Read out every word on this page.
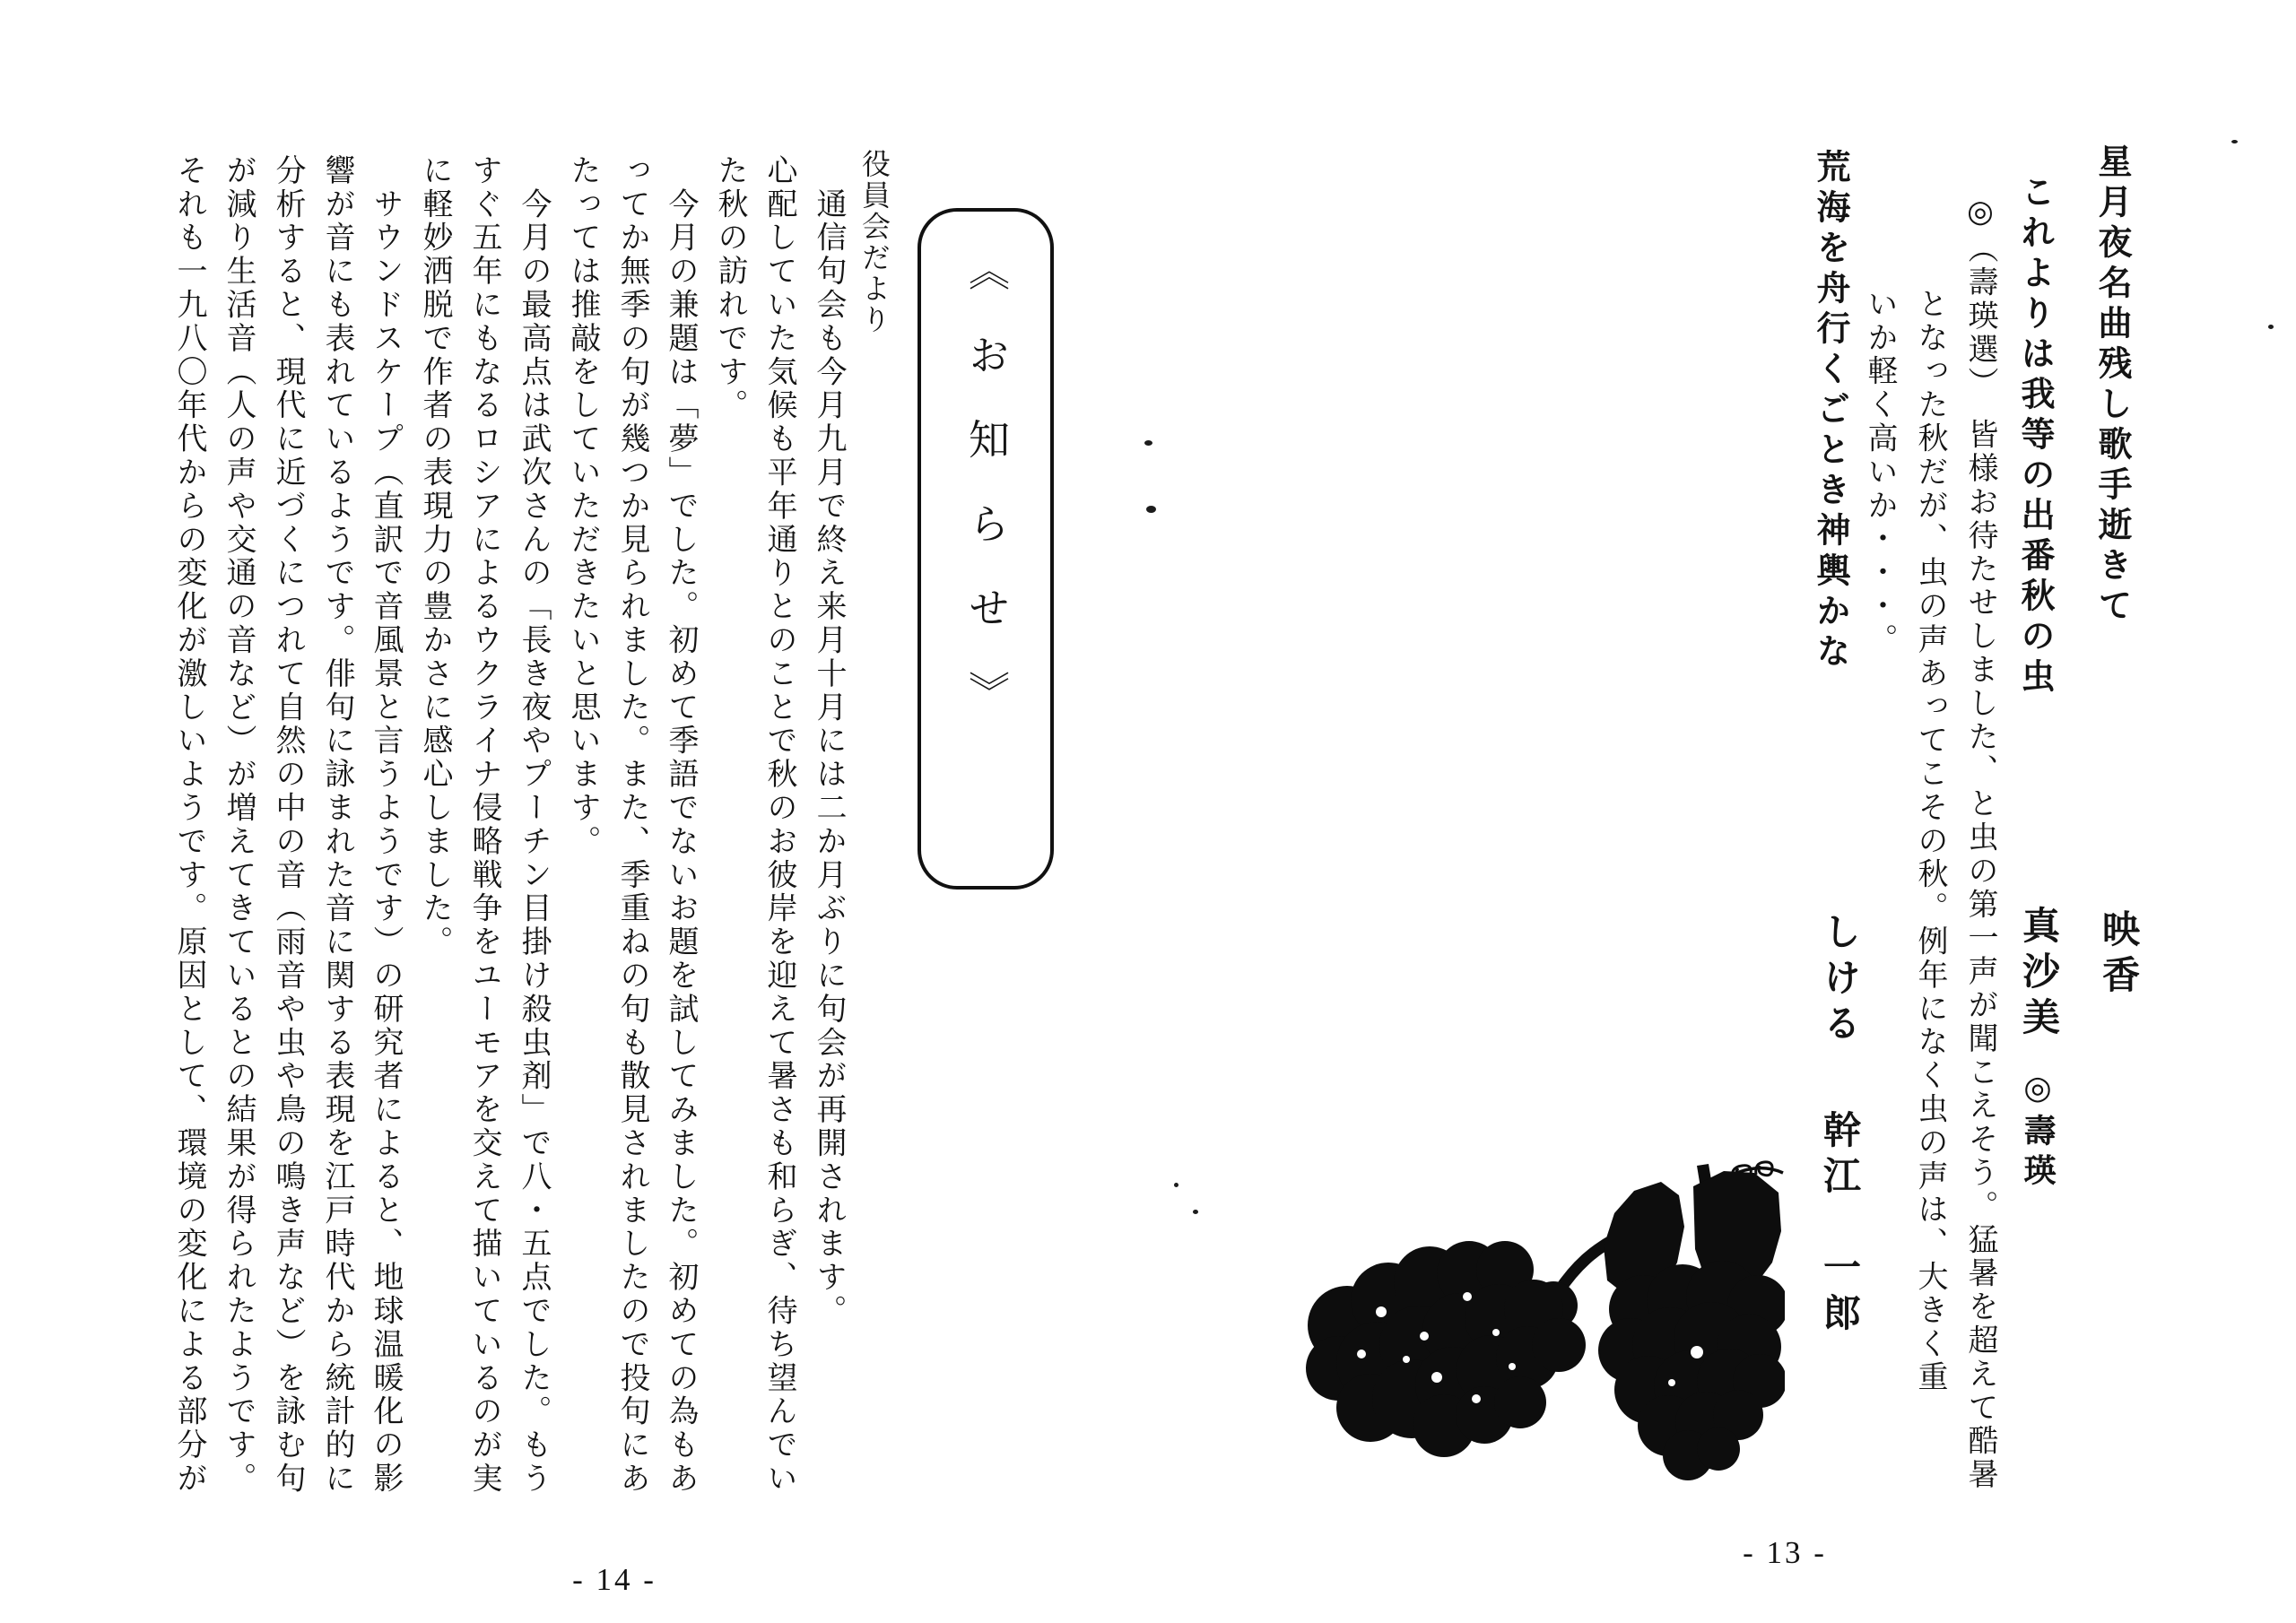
星月夜名曲残し歌手逝きて
映香
これよりは我等の出番秋の虫
真沙美
◎壽瑛
◎（壽瑛選）　皆様お待たせしました、と虫の第一声が聞こえそう。猛暑を超えて酷暑
となった秋だが、虫の声あってこその秋。例年になく虫の声は、大きく重
いか軽く高いか・・・。
荒海を舟行くごとき神輿かな
しける
幹江　一郎
- 13 -
《お知らせ》
役員会だより
　通信句会も今月九月で終え来月十月には二か月ぶりに句会が再開されます。
心配していた気候も平年通りとのことで秋のお彼岸を迎えて暑さも和らぎ、待ち望んでい
た秋の訪れです。
　今月の兼題は「夢」でした。初めて季語でないお題を試してみました。初めての為もあ
ってか無季の句が幾つか見られました。また、季重ねの句も散見されましたので投句にあ
たっては推敲をしていただきたいと思います。
　今月の最高点は武次さんの「長き夜やプーチン目掛け殺虫剤」で八・五点でした。もう
すぐ五年にもなるロシアによるウクライナ侵略戦争をユーモアを交えて描いているのが実
に軽妙洒脱で作者の表現力の豊かさに感心しました。
　サウンドスケープ（直訳で音風景と言うようです）の研究者によると、地球温暖化の影
響が音にも表れているようです。俳句に詠まれた音に関する表現を江戸時代から統計的に
分析すると、現代に近づくにつれて自然の中の音（雨音や虫や鳥の鳴き声など）を詠む句
が減り生活音（人の声や交通の音など）が増えてきているとの結果が得られたようです。
それも一九八〇年代からの変化が激しいようです。原因として、環境の変化による部分が
- 14 -
